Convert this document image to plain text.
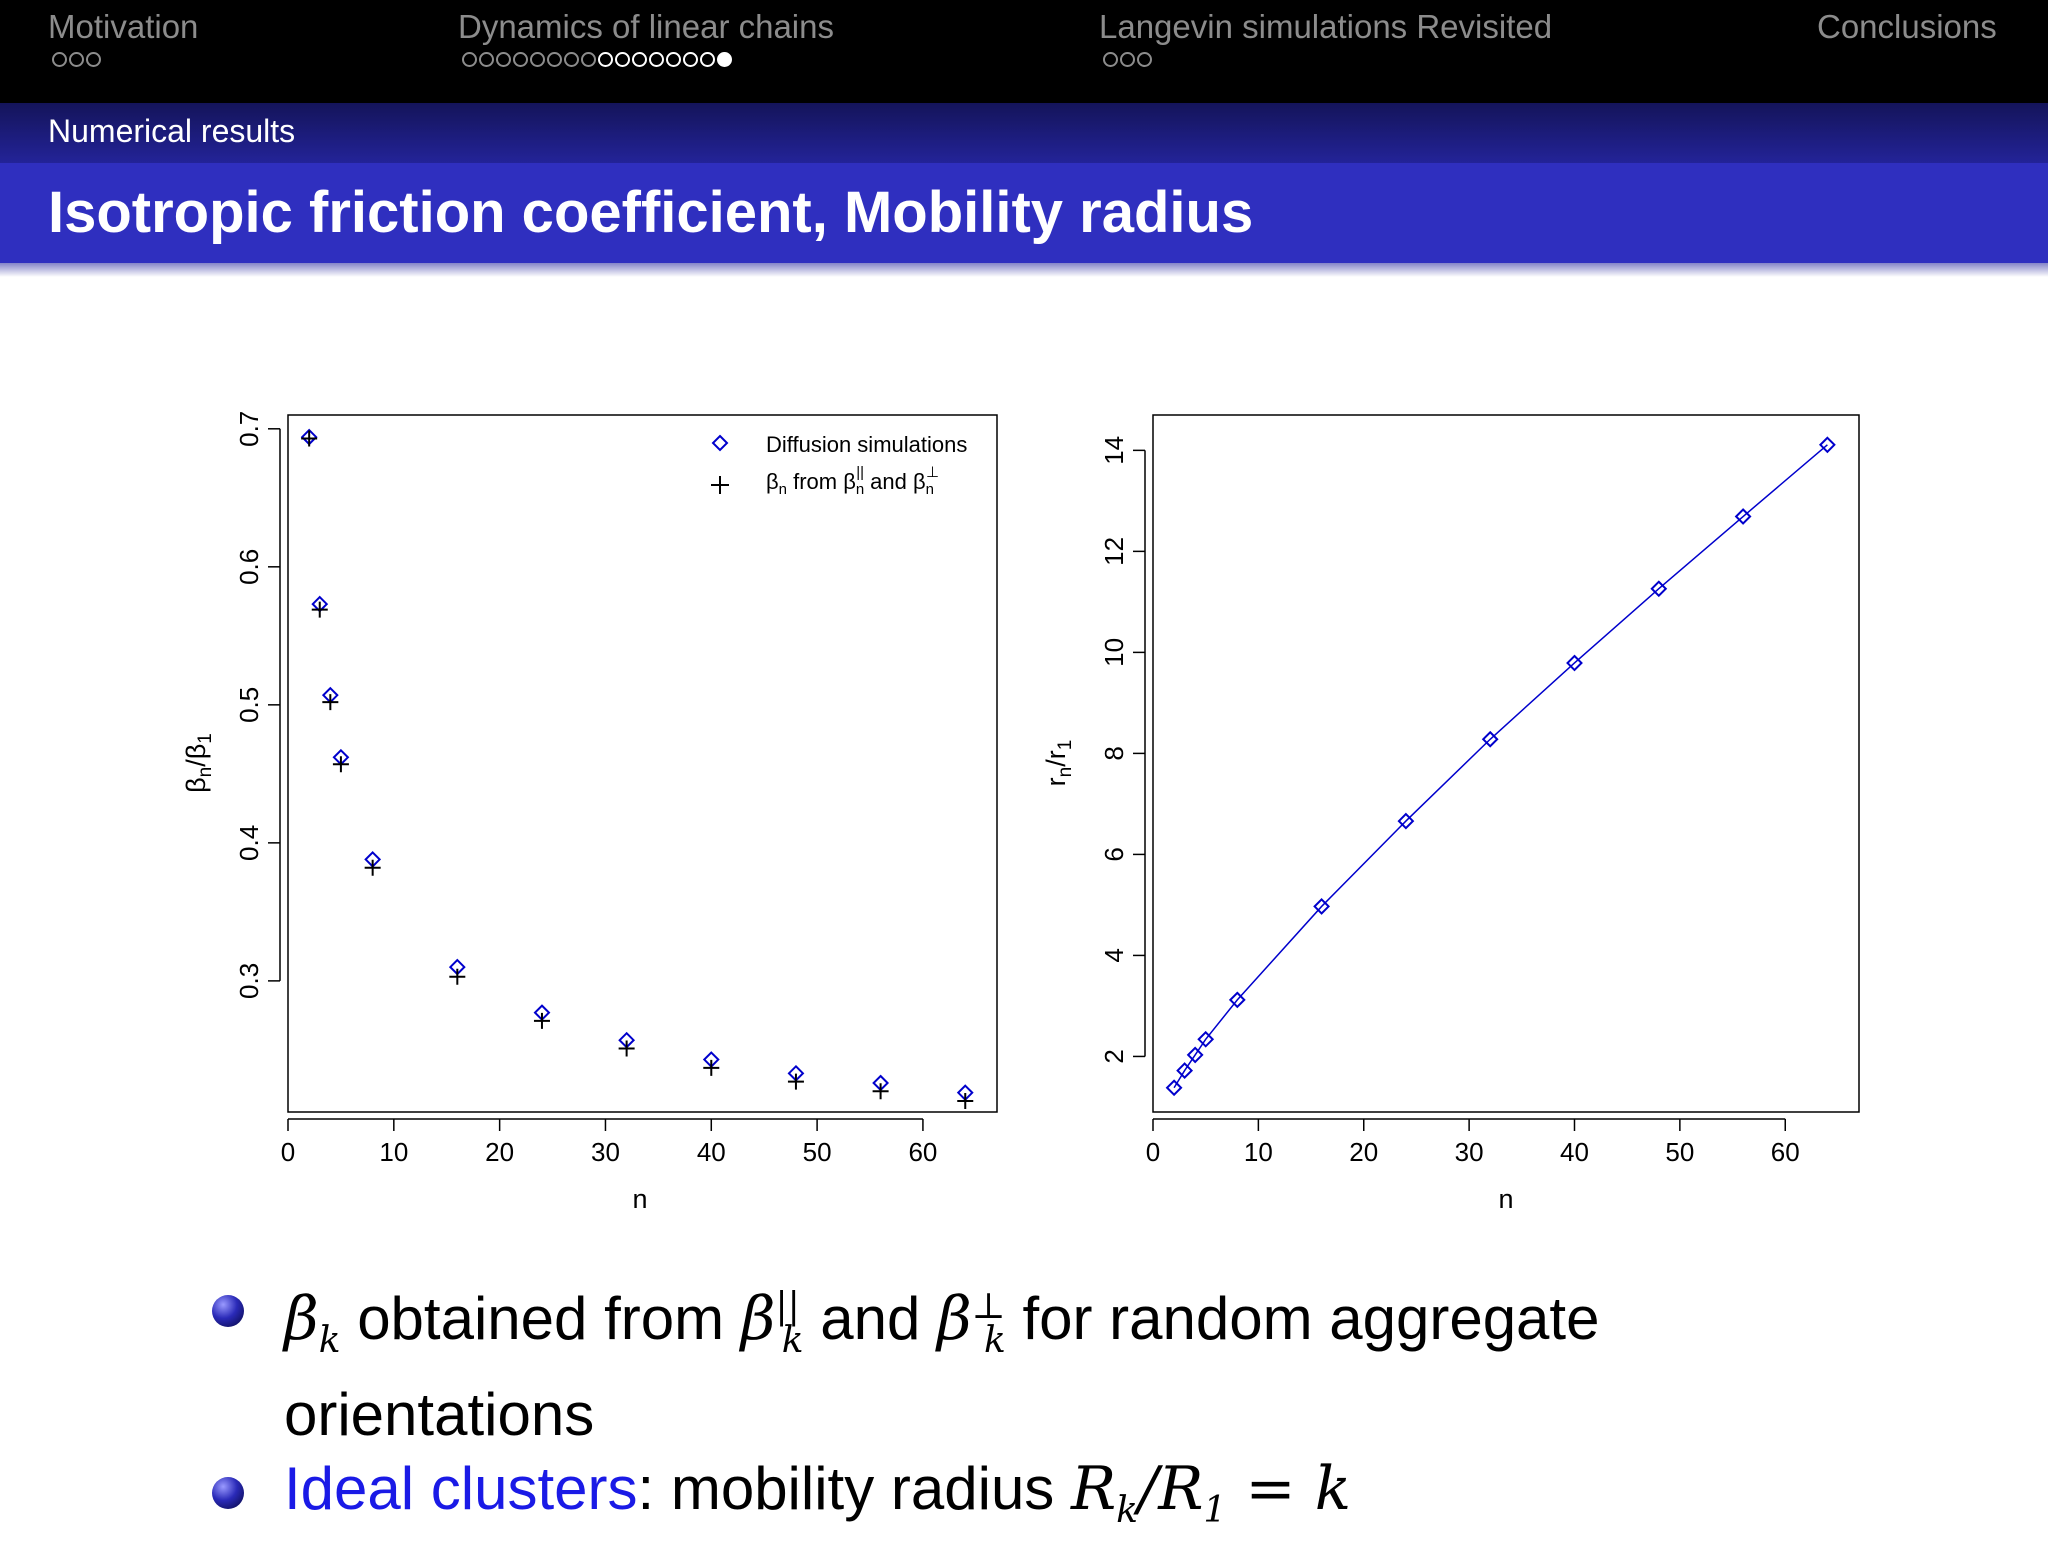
Motivation	Dynamics of linear chains	Langevin simulations Revisited	Conclusions
Numerical results
Isotropic friction coefficient, Mobility radius
0	10	20	30	40	50	60
0.3
0.4
0.5
0.6
0.7
n
$\beta_n/\beta_1$
Diffusion simulations
$\beta_n$ from $\beta_n||$ and $\beta_n\perp$
0	10	20	30	40	50	60
2
4
6
8
10
12
14
n
$r_n/r_1$
$\beta_k$ obtained from $\beta^{||}_k$ and $\beta^\perp_k$ for random aggregate
orientations
Ideal clusters: mobility radius $R_k/R_1 = k$
